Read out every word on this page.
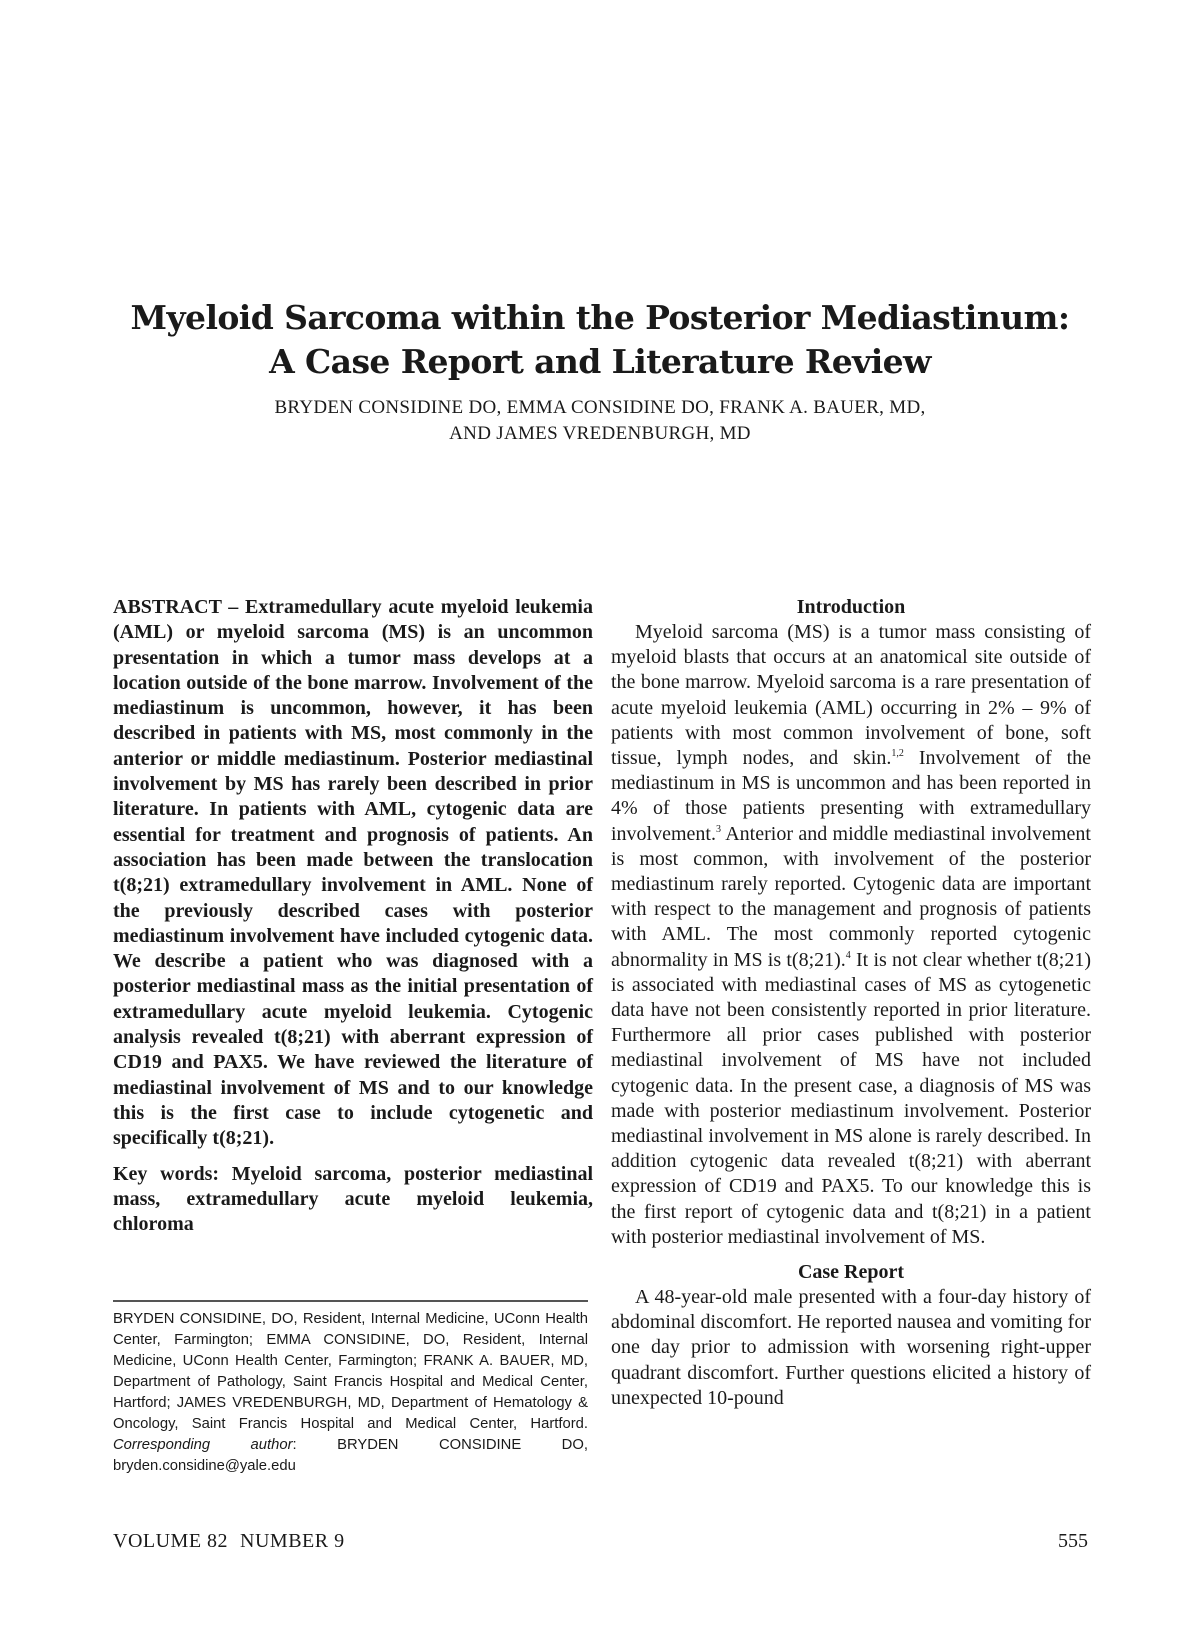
Myeloid Sarcoma within the Posterior Mediastinum:
A Case Report and Literature Review
BRYDEN CONSIDINE DO, EMMA CONSIDINE DO, FRANK A. BAUER, MD,
AND JAMES VREDENBURGH, MD

ABSTRACT – Extramedullary acute myeloid leukemia (AML) or myeloid sarcoma (MS) is an uncommon presentation in which a tumor mass develops at a location outside of the bone marrow. Involvement of the mediastinum is uncommon, however, it has been described in patients with MS, most commonly in the anterior or middle mediastinum. Posterior mediastinal involvement by MS has rarely been described in prior literature. In patients with AML, cytogenic data are essential for treatment and prognosis of patients. An association has been made between the translocation t(8;21) extramedullary involvement in AML. None of the previously described cases with posterior mediastinum involvement have included cytogenic data. We describe a patient who was diagnosed with a posterior mediastinal mass as the initial presentation of extramedullary acute myeloid leukemia. Cytogenic analysis revealed t(8;21) with aberrant expression of CD19 and PAX5. We have reviewed the literature of mediastinal involvement of MS and to our knowledge this is the first case to include cytogenetic and specifically t(8;21).

Key words: Myeloid sarcoma, posterior mediastinal mass, extramedullary acute myeloid leukemia, chloroma

BRYDEN CONSIDINE, DO, Resident, Internal Medicine, UConn Health Center, Farmington; EMMA CONSIDINE, DO, Resident, Internal Medicine, UConn Health Center, Farmington; FRANK A. BAUER, MD, Department of Pathology, Saint Francis Hospital and Medical Center, Hartford; JAMES VREDENBURGH, MD, Department of Hematology & Oncology, Saint Francis Hospital and Medical Center, Hartford. Corresponding author: BRYDEN CONSIDINE DO, bryden.considine@yale.edu

Introduction

Myeloid sarcoma (MS) is a tumor mass consisting of myeloid blasts that occurs at an anatomical site outside of the bone marrow. Myeloid sarcoma is a rare presentation of acute myeloid leukemia (AML) occurring in 2% – 9% of patients with most common involvement of bone, soft tissue, lymph nodes, and skin.$^{1,2}$ Involvement of the mediastinum in MS is uncommon and has been reported in 4% of those patients presenting with extramedullary involvement.$^3$ Anterior and middle mediastinal involvement is most common, with involvement of the posterior mediastinum rarely reported. Cytogenic data are important with respect to the management and prognosis of patients with AML. The most commonly reported cytogenic abnormality in MS is t(8;21).$^4$ It is not clear whether t(8;21) is associated with mediastinal cases of MS as cytogenetic data have not been consistently reported in prior literature. Furthermore all prior cases published with posterior mediastinal involvement of MS have not included cytogenic data. In the present case, a diagnosis of MS was made with posterior mediastinum involvement. Posterior mediastinal involvement in MS alone is rarely described. In addition cytogenic data revealed t(8;21) with aberrant expression of CD19 and PAX5. To our knowledge this is the first report of cytogenic data and t(8;21) in a patient with posterior mediastinal involvement of MS.

Case Report

A 48-year-old male presented with a four-day history of abdominal discomfort. He reported nausea and vomiting for one day prior to admission with worsening right-upper quadrant discomfort. Further questions elicited a history of unexpected 10-pound

VOLUME 82 NUMBER 9	555
